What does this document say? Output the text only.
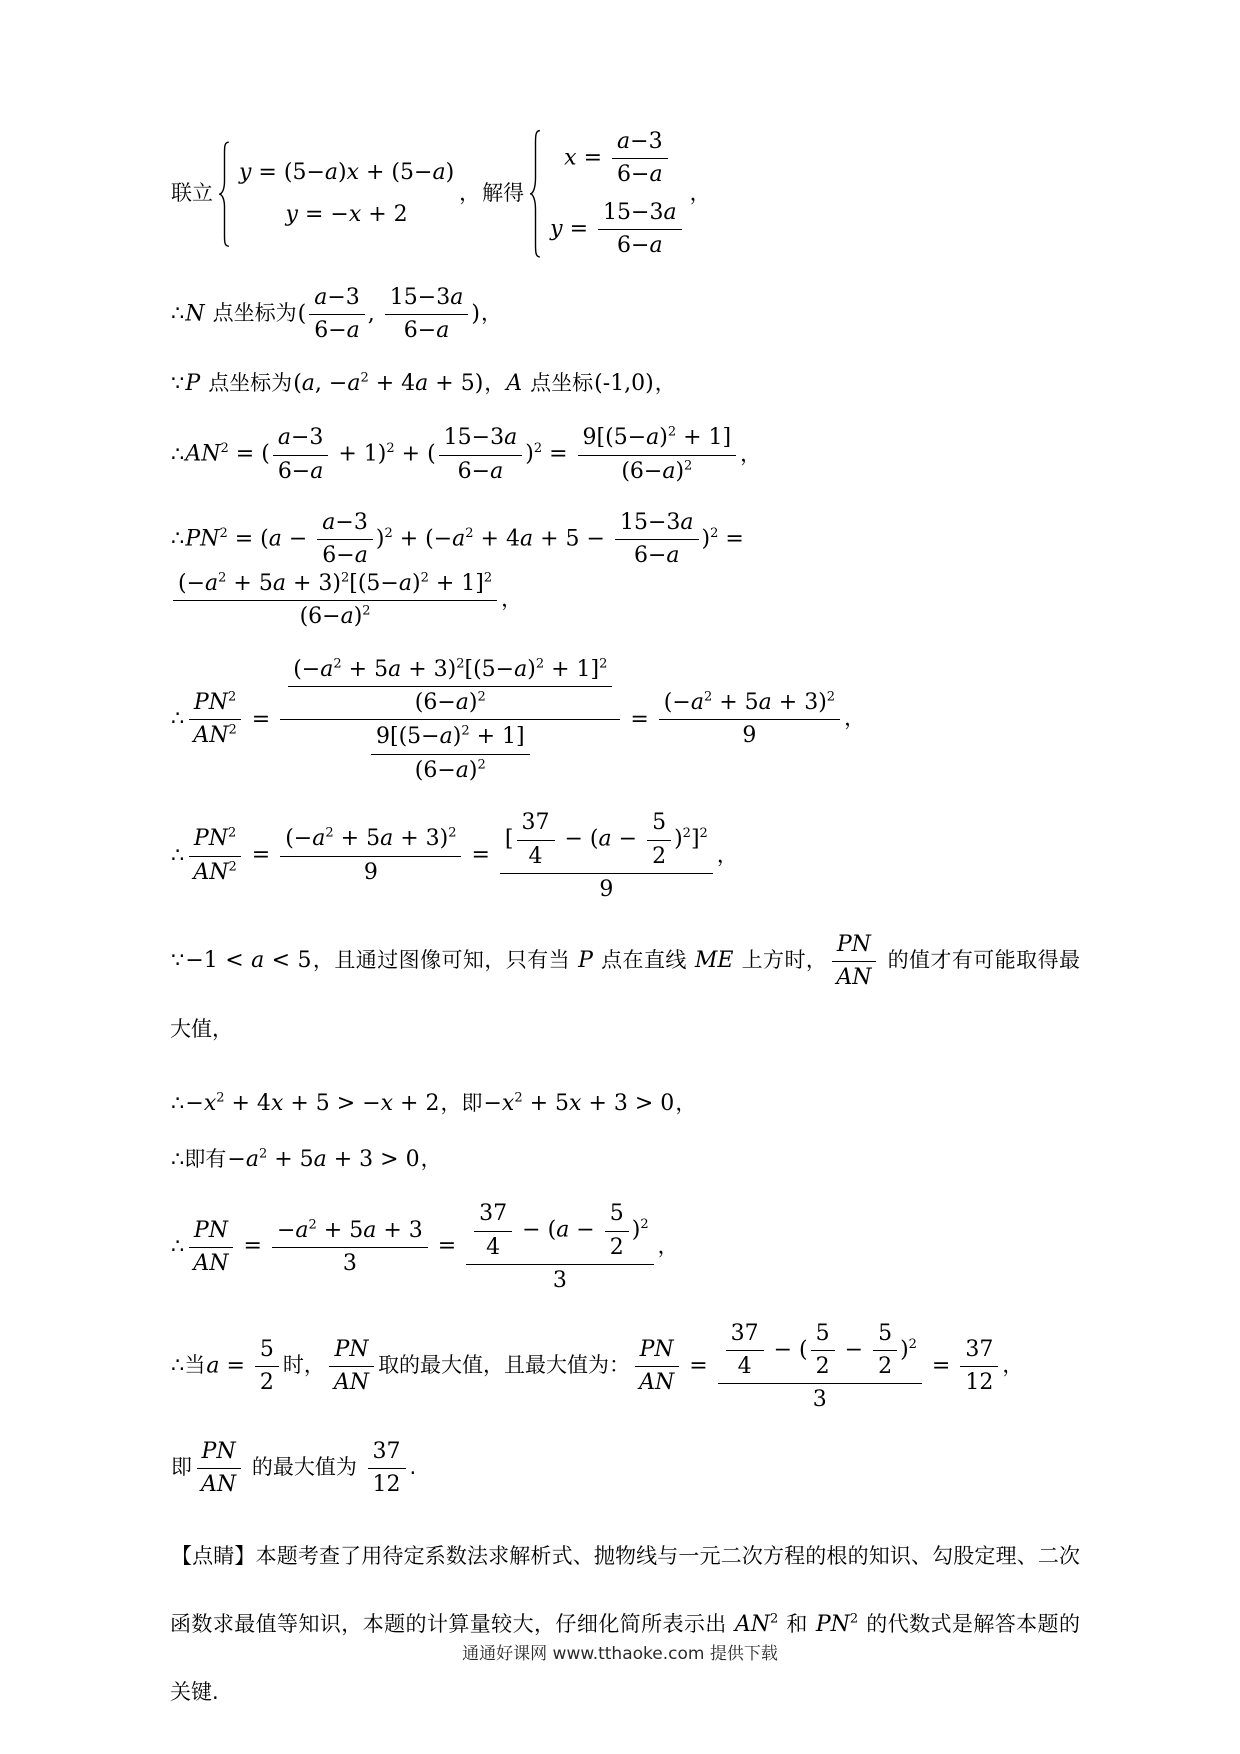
联立
y = (5−a)x + (5−a)
y = −x + 2
，解得
$x = \frac{a-3}{6-a}$
$y = \frac{15-3a}{6-a}$
，
∴N 点坐标为( $\frac{a-3}{6-a}$ , $\frac{15-3a}{6-a}$ )，
∵P 点坐标为(a, $-a^2 + 4a + 5$)，A 点坐标(-1,0)，
$\therefore AN^2$ = ( $\frac{a-3}{6-a} + 1)^2$ + ( $\frac{15-3a}{6-a} )^2 = \frac{9[(5-a)^2 + 1]}{(6-a)^2}$ ，
$\therefore PN^2 = (a - \frac{a-3}{6-a} )^2 + (-a^2 + 4a + 5 - \frac{15-3a}{6-a} )^2$ =
$\frac{(-a^2 + 5a + 3)^2[(5-a)^2 + 1]^2}{(6-a)^2}$ ，
∴ $\frac{PN^2}{AN^2} = \frac{\frac{(-a^2 + 5a + 3)^2[(5-a)^2 + 1]^2}{(6-a)^2}}{\frac{9[(5-a)^2 + 1]}{(6-a)^2}} = \frac{(-a^2 + 5a + 3)^2}{9}$ ，
∴ $\frac{PN^2}{AN^2} = \frac{(-a^2 + 5a + 3)^2}{9} = \frac{[ \frac{37}{4} - (a - \frac{5}{2} )^2]^2}{9}$ ，
∵−1 < a < 5，且通过图像可知，只有当 P 点在直线 ME 上方时， $\frac{PN}{AN}$ 的值才有可能取得最大值，
$\therefore-x^2 + 4x + 5 > -x + 2$，即$-x^2 + 5x + 3 > 0$，
∴即有$-a^2 + 5a + 3 > 0$，
∴ $\frac{PN}{AN} = \frac{-a^2 + 5a + 3}{3} = \frac{\frac{37}{4} - (a - \frac{5}{2} )^2}{3}$ ，
∴当$a = \frac{5}{2}$ 时， $\frac{PN}{AN}$ 取的最大值，且最大值为： $\frac{PN}{AN} = \frac{\frac{37}{4} - ( \frac{5}{2} - \frac{5}{2} )^2}{3} = \frac{37}{12}$ ，
即 $\frac{PN}{AN}$ 的最大值为 $\frac{37}{12}$ .
【点睛】本题考查了用待定系数法求解析式、抛物线与一元二次方程的根的知识、勾股定理、二次函数求最值等知识，本题的计算量较大，仔细化简所表示出 $AN^2$ 和 $PN^2$ 的代数式是解答本题的关键.
通通好课网 www.tthaoke.com 提供下载
